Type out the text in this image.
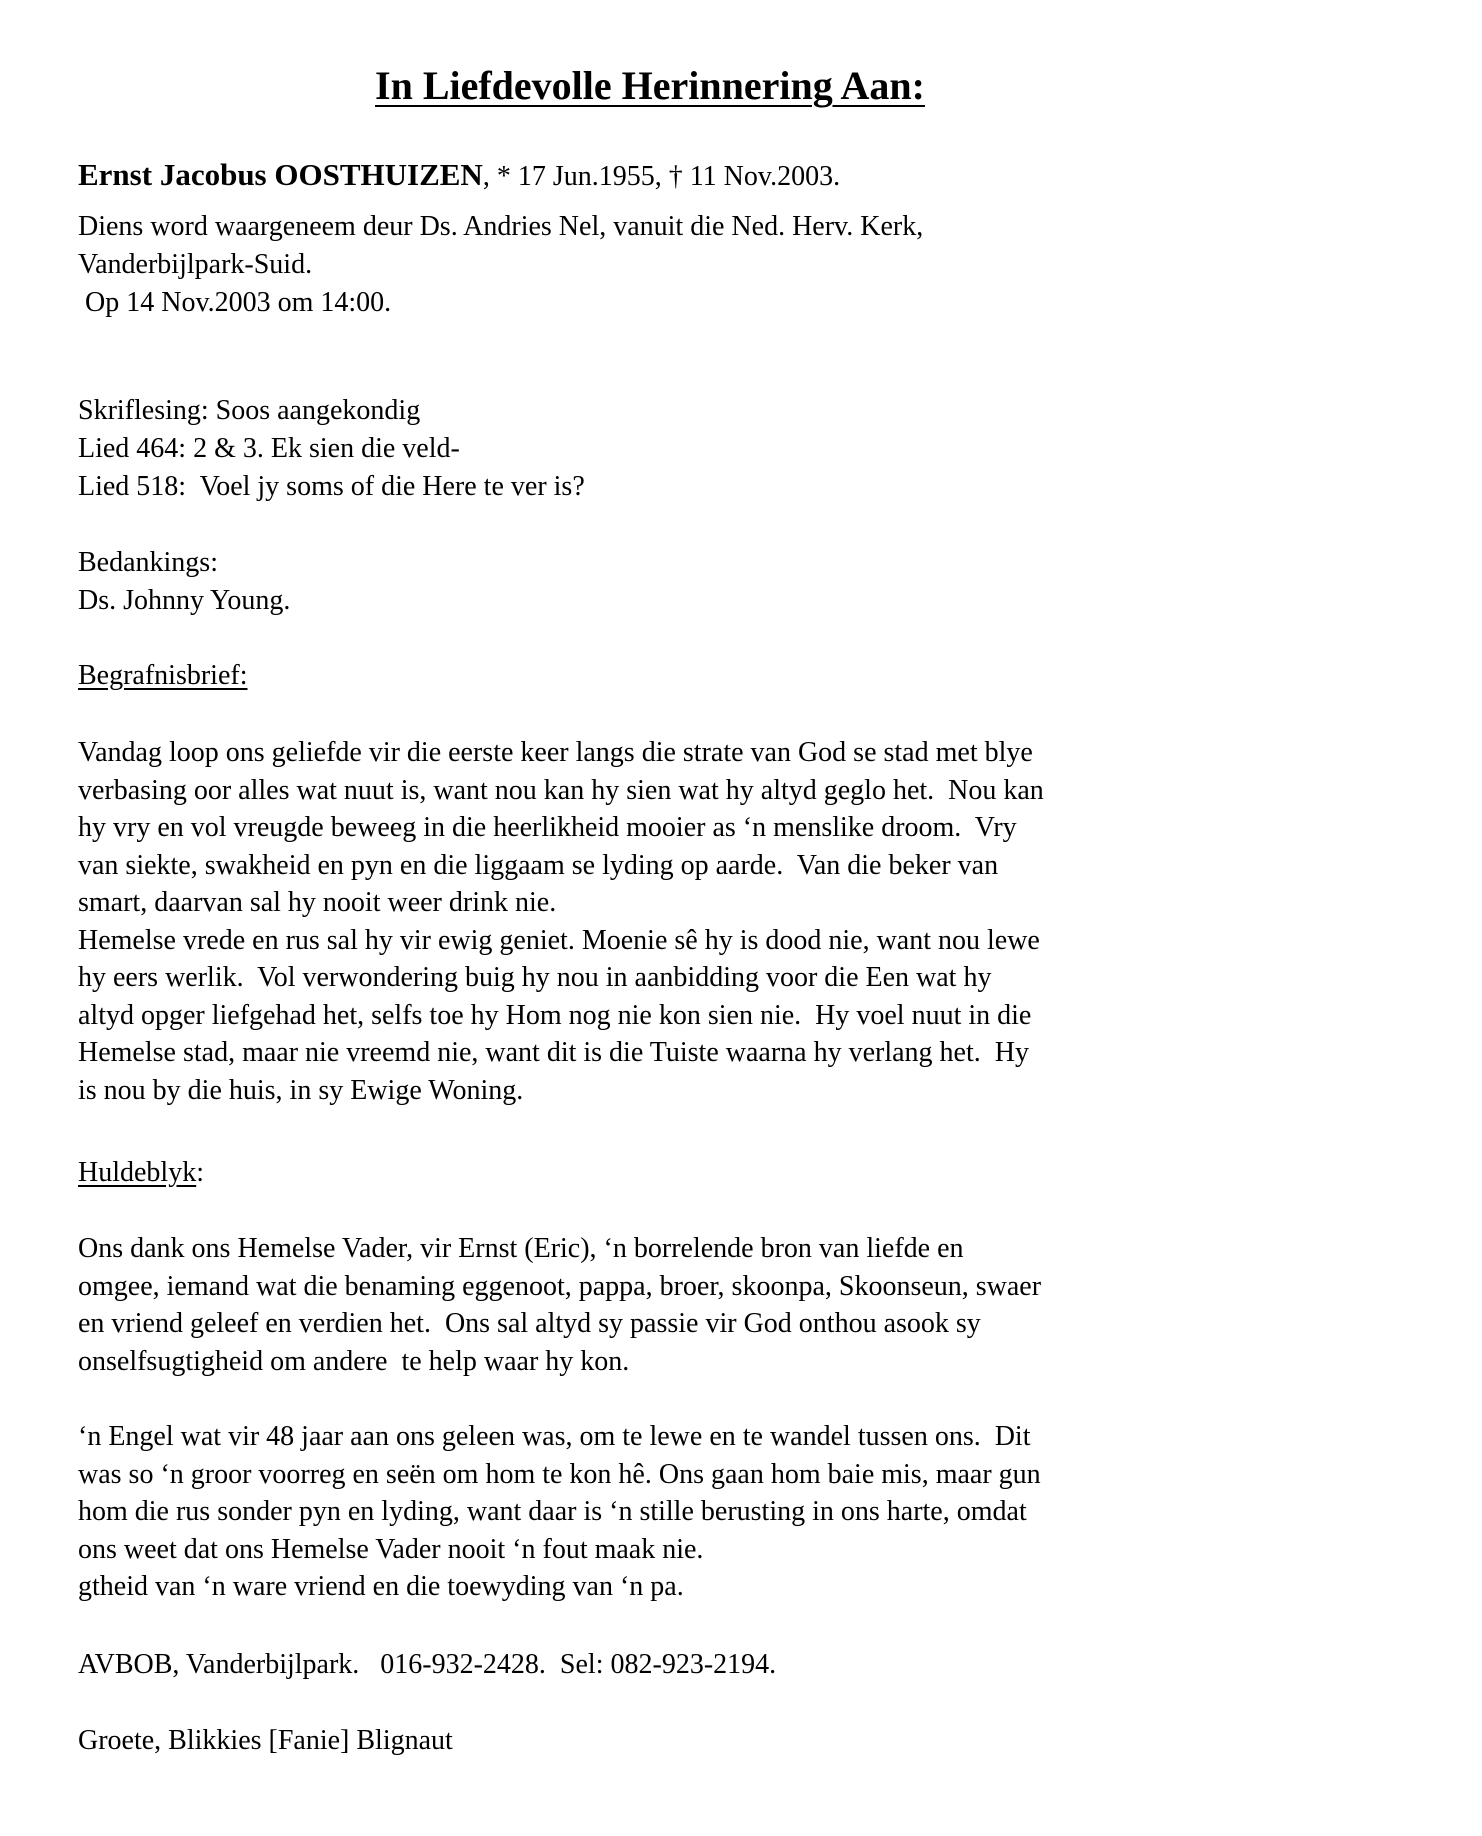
In Liefdevolle Herinnering Aan:
Ernst Jacobus OOSTHUIZEN, * 17 Jun.1955, † 11 Nov.2003.
Diens word waargeneem deur Ds. Andries Nel, vanuit die Ned. Herv. Kerk,
Vanderbijlpark-Suid.
Op 14 Nov.2003 om 14:00.
Skriflesing: Soos aangekondig
Lied 464: 2 & 3. Ek sien die veld-
Lied 518:  Voel jy soms of die Here te ver is?
Bedankings:
Ds. Johnny Young.
Begrafnisbrief:
Vandag loop ons geliefde vir die eerste keer langs die strate van God se stad met blye
verbasing oor alles wat nuut is, want nou kan hy sien wat hy altyd geglo het.  Nou kan
hy vry en vol vreugde beweeg in die heerlikheid mooier as ‘n menslike droom.  Vry
van siekte, swakheid en pyn en die liggaam se lyding op aarde.  Van die beker van
smart, daarvan sal hy nooit weer drink nie.
Hemelse vrede en rus sal hy vir ewig geniet. Moenie sê hy is dood nie, want nou lewe
hy eers werlik.  Vol verwondering buig hy nou in aanbidding voor die Een wat hy
altyd opger liefgehad het, selfs toe hy Hom nog nie kon sien nie.  Hy voel nuut in die
Hemelse stad, maar nie vreemd nie, want dit is die Tuiste waarna hy verlang het.  Hy
is nou by die huis, in sy Ewige Woning.
Huldeblyk:
Ons dank ons Hemelse Vader, vir Ernst (Eric), ‘n borrelende bron van liefde en
omgee, iemand wat die benaming eggenoot, pappa, broer, skoonpa, Skoonseun, swaer
en vriend geleef en verdien het.  Ons sal altyd sy passie vir God onthou asook sy
onselfsugtigheid om andere  te help waar hy kon.
‘n Engel wat vir 48 jaar aan ons geleen was, om te lewe en te wandel tussen ons.  Dit
was so ‘n groor voorreg en seën om hom te kon hê. Ons gaan hom baie mis, maar gun
hom die rus sonder pyn en lyding, want daar is ‘n stille berusting in ons harte, omdat
ons weet dat ons Hemelse Vader nooit ‘n fout maak nie.
gtheid van ‘n ware vriend en die toewyding van ‘n pa.
AVBOB, Vanderbijlpark.   016-932-2428.  Sel: 082-923-2194.
Groete, Blikkies [Fanie] Blignaut
